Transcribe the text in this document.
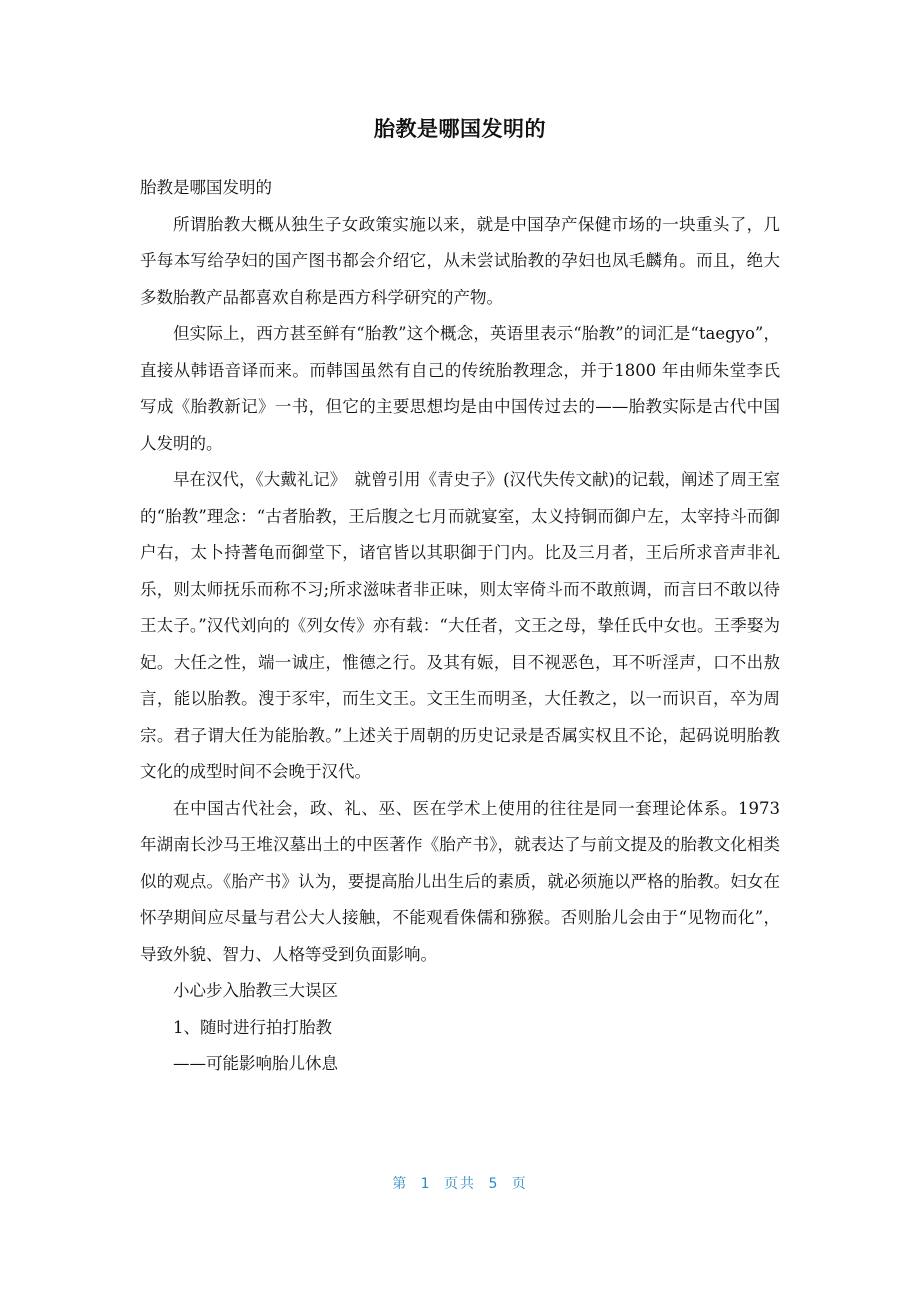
胎教是哪国发明的

胎教是哪国发明的

所谓胎教大概从独生子女政策实施以来，就是中国孕产保健市场的一块重头了，几乎每本写给孕妇的国产图书都会介绍它，从未尝试胎教的孕妇也凤毛麟角。而且，绝大多数胎教产品都喜欢自称是西方科学研究的产物。

但实际上，西方甚至鲜有“胎教”这个概念，英语里表示“胎教”的词汇是“taegyo”，直接从韩语音译而来。而韩国虽然有自己的传统胎教理念，并于1800 年由师朱堂李氏写成《胎教新记》一书，但它的主要思想均是由中国传过去的——胎教实际是古代中国人发明的。

早在汉代，《大戴礼记》　就曾引用《青史子》(汉代失传文献)的记载，阐述了周王室的“胎教”理念：“古者胎教，王后腹之七月而就宴室，太义持铜而御户左，太宰持斗而御户右，太卜持蓍龟而御堂下，诸官皆以其职御于门内。比及三月者，王后所求音声非礼乐，则太师抚乐而称不习;所求滋味者非正味，则太宰倚斗而不敢煎调，而言曰不敢以待王太子。”汉代刘向的《列女传》亦有载：“大任者，文王之母，挚任氏中女也。王季娶为妃。大任之性，端一诚庄，惟德之行。及其有娠，目不视恶色，耳不听淫声，口不出敖言，能以胎教。溲于豕牢，而生文王。文王生而明圣，大任教之，以一而识百，卒为周宗。君子谓大任为能胎教。”上述关于周朝的历史记录是否属实权且不论，起码说明胎教文化的成型时间不会晚于汉代。

在中国古代社会，政、礼、巫、医在学术上使用的往往是同一套理论体系。1973 年湖南长沙马王堆汉墓出土的中医著作《胎产书》，就表达了与前文提及的胎教文化相类似的观点。《胎产书》认为，要提高胎儿出生后的素质，就必须施以严格的胎教。妇女在怀孕期间应尽量与君公大人接触，不能观看侏儒和猕猴。否则胎儿会由于“见物而化”，导致外貌、智力、人格等受到负面影响。

小心步入胎教三大误区

1、随时进行拍打胎教

——可能影响胎儿休息

第 1 页共 5 页
